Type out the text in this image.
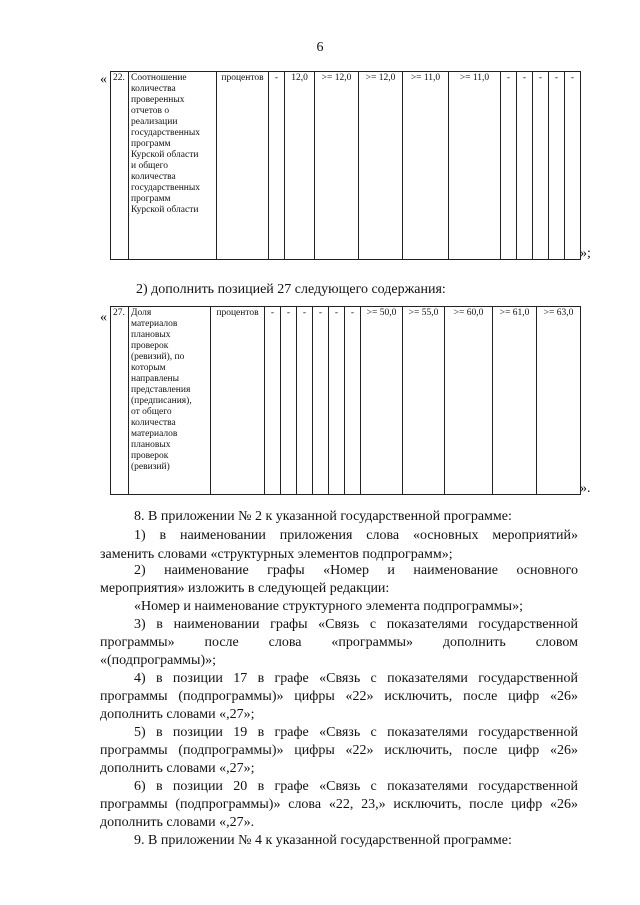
6
« 22.	Соотношение
количества
проверенных
отчетов о
реализации
государственных
программ
Курской области
и общего
количества
государственных
программ
Курской области
	процентов	-	12,0	>= 12,0	>= 12,0	>= 11,0	>= 11,0	-	-	-	-	-
»;
2) дополнить позицией 27 следующего содержания:
« 27.	Доля
материалов
плановых
проверок
(ревизий), по
которым
направлены
представления
(предписания),
от общего
количества
материалов
плановых
проверок
(ревизий)
	процентов	-	-	-	-	-	-	>= 50,0	>= 55,0	>= 60,0	>= 61,0	>= 63,0
».
8. В приложении № 2 к указанной государственной программе:
1) в наименовании приложения слова «основных мероприятий»
заменить словами «структурных элементов подпрограмм»;
2) наименование графы «Номер и наименование основного
мероприятия» изложить в следующей редакции:
«Номер и наименование структурного элемента подпрограммы»;
3) в наименовании графы «Связь с показателями государственной
программы» после слова «программы» дополнить словом
«(подпрограммы)»;
4) в позиции 17 в графе «Связь с показателями государственной
программы (подпрограммы)» цифры «22» исключить, после цифр «26»
дополнить словами «,27»;
5) в позиции 19 в графе «Связь с показателями государственной
программы (подпрограммы)» цифры «22» исключить, после цифр «26»
дополнить словами «,27»;
6) в позиции 20 в графе «Связь с показателями государственной
программы (подпрограммы)» слова «22, 23,» исключить, после цифр «26»
дополнить словами «,27».
9. В приложении № 4 к указанной государственной программе:
